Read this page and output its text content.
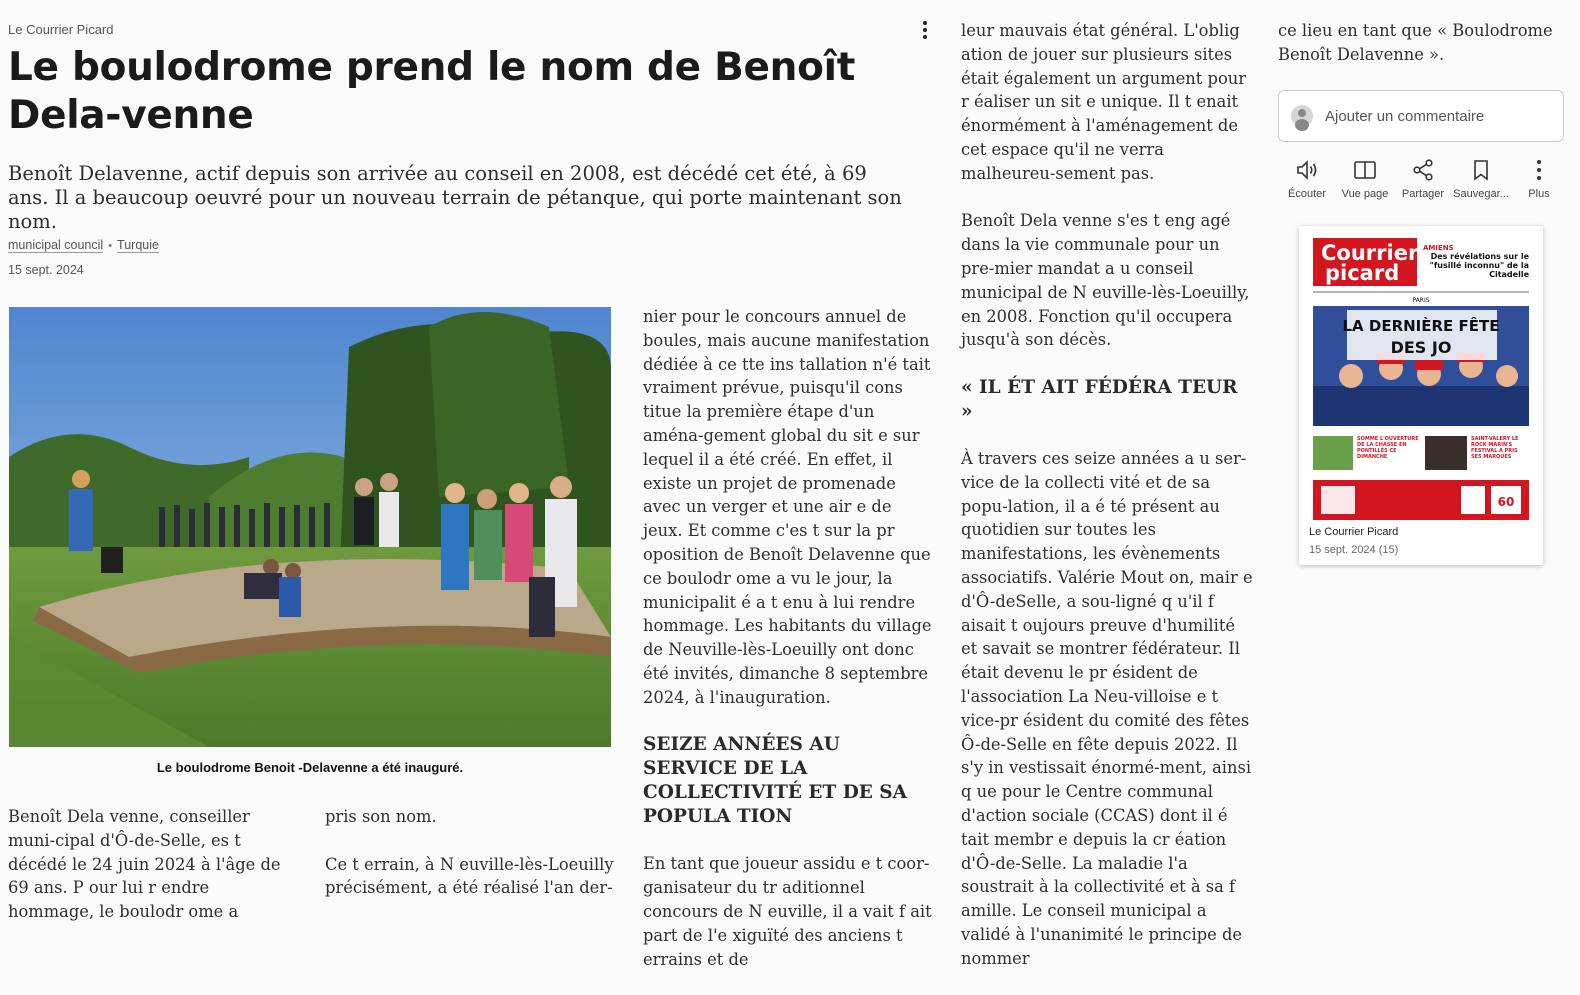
Le Courrier Picard
Le boulodrome prend le nom de Benoît Dela-venne

Benoît Delavenne, actif depuis son arrivée au conseil en 2008, est décédé cet été, à 69 ans. Il a beaucoup oeuvré pour un nouveau terrain de pétanque, qui porte maintenant son nom.

municipal council • Turquie
15 sept. 2024
Le boulodrome Benoit -Delavenne a été inauguré.

Benoît Dela venne, conseiller muni-cipal d'Ô-de-Selle, es t décédé le 24 juin 2024 à l'âge de 69 ans. P our lui r endre hommage, le boulodr ome a

pris son nom.

Ce t errain, à N euville-lès-Loeuilly précisément, a été réalisé l'an der-

nier pour le concours annuel de boules, mais aucune manifestation dédiée à ce tte ins tallation n'é tait vraiment prévue, puisqu'il cons titue la première étape d'un aména-gement global du sit e sur lequel il a été créé. En effet, il existe un projet de promenade avec un verger et une air e de jeux. Et comme c'es t sur la pr oposition de Benoît Delavenne que ce boulodr ome a vu le jour, la municipalit é a t enu à lui rendre hommage. Les habitants du village de Neuville-lès-Loeuilly ont donc été invités, dimanche 8 septembre 2024, à l'inauguration.

SEIZE ANNÉES AU SERVICE DE LA COLLECTIVITÉ ET DE SA POPULA TION

En tant que joueur assidu e t coor-ganisateur du tr aditionnel concours de N euville, il a vait f ait part de l'e xiguïté des anciens t errains et de

leur mauvais état général. L'oblig ation de jouer sur plusieurs sites était également un argument pour r éaliser un sit e unique. Il t enait énormément à l'aménagement de cet espace qu'il ne verra malheureu-sement pas.

Benoît Dela venne s'es t eng agé dans la vie communale pour un pre-mier mandat a u conseil municipal de N euville-lès-Loeuilly, en 2008. Fonction qu'il occupera jusqu'à son décès.

« IL ÉT AIT FÉDÉRA TEUR »

À travers ces seize années a u ser-vice de la collecti vité et de sa popu-lation, il a é té présent au quotidien sur toutes les manifestations, les évènements associatifs. Valérie Mout on, mair e d'Ô-deSelle, a sou-ligné q u'il f aisait t oujours preuve d'humilité et savait se montrer fédérateur. Il était devenu le pr ésident de l'association La Neu-villoise e t vice-pr ésident du comité des fêtes Ô-de-Selle en fête depuis 2022. Il s'y in vestissait énormé-ment, ainsi q ue pour le Centre communal d'action sociale (CCAS) dont il é tait membr e depuis la cr éation d'Ô-de-Selle. La maladie l'a soustrait à la collectivité et à sa f amille. Le conseil municipal a validé à l'unanimité le principe de nommer

ce lieu en tant que « Boulodrome Benoît Delavenne ».

Ajouter un commentaire
Écouter Vue page Partager Sauvegar... Plus
Courrier
picard
AMIENS
Des révélations sur le "fusillé inconnu" de la Citadelle
PARIS
LA DERNIÈRE FÊTE
DES JO
SOMME L'OUVERTURE DE LA CHASSE EN PONTILLÉS CE DIMANCHE
SAINT-VALERY LE ROCK MARIN'S FESTIVAL A PRIS SES MARQUES
60
Le Courrier Picard
15 sept. 2024 (15)
